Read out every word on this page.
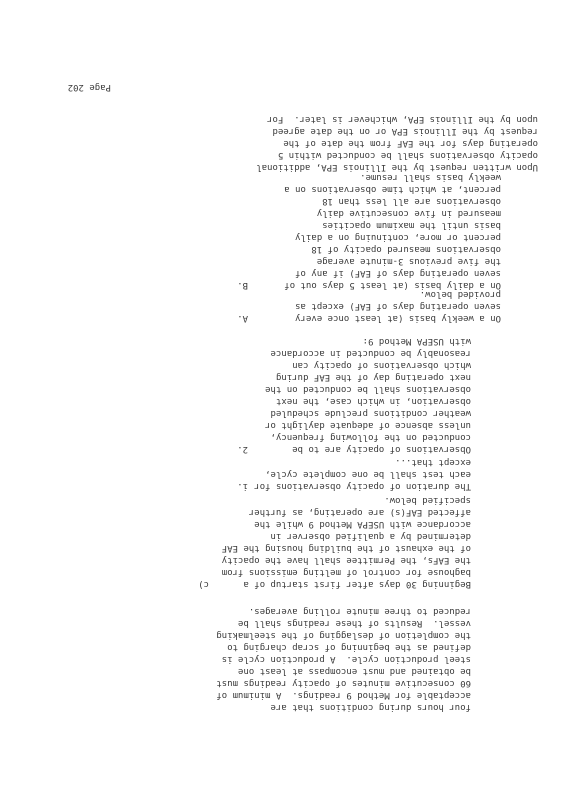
four hours during conditions that are
acceptable for Method 9 readings.  A minimum of
60 consecutive minutes of opacity readings must
be obtained and must encompass at least one
steel production cycle.  A production cycle is
defined as the beginning of scrap charging to
the completion of deslagging of the steelmaking
vessel.  Results of these readings shall be
reduced to three minute rolling averages.
c)	Beginning 30 days after first startup of a
baghouse for control of melting emissions from
the EAFs, the Permittee shall have the opacity
of the exhaust of the building housing the EAF
determined by a qualified observer in
accordance with USEPA Method 9 while the
affected EAF(s) are operating, as further
specified below.
i. The duration of opacity observations for
each test shall be one complete cycle,
except that...
2.	Observations of opacity are to be
conducted on the following frequency,
unless absence of adequate daylight or
weather conditions preclude scheduled
observation, in which case, the next
observations shall be conducted on the
next operating day of the EAF during
which observations of opacity can
reasonably be conducted in accordance
with USEPA Method 9:
A.	On a weekly basis (at least once every
seven operating days of EAF) except as
provided below.
B.	On a daily basis (at least 5 days out of
seven operating days of EAF) if any of
the five previous 3-minute average
observations measured opacity of 18
percent or more, continuing on a daily
basis until the maximum opacities
measured in five consecutive daily
observations are all less than 18
percent, at which time observations on a
weekly basis shall resume.
Upon written request by the Illinois EPA, additional
opacity observations shall be conducted within 5
operating days for the EAF from the date of the
request by the Illinois EPA or on the date agreed
upon by the Illinois EPA, whichever is later.  For
Page 202
